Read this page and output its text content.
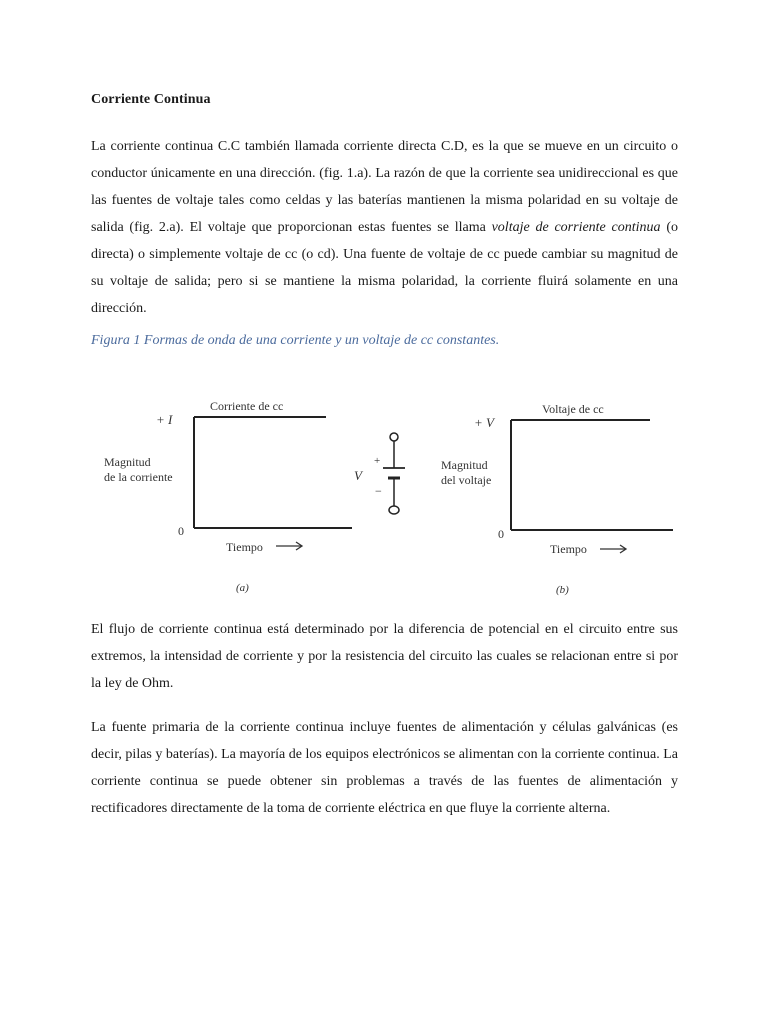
Corriente Continua

La corriente continua C.C también llamada corriente directa C.D, es la que se mueve en un circuito o conductor únicamente en una dirección. (fig. 1.a). La razón de que la corriente sea unidireccional es que las fuentes de voltaje tales como celdas y las baterías mantienen la misma polaridad en su voltaje de salida (fig. 2.a). El voltaje que proporcionan estas fuentes se llama voltaje de corriente continua (o directa) o simplemente voltaje de cc (o cd). Una fuente de voltaje de cc puede cambiar su magnitud de su voltaje de salida; pero si se mantiene la misma polaridad, la corriente fluirá solamente en una dirección.

Figura 1 Formas de onda de una corriente y un voltaje de cc constantes.

Corriente de cc
+ I
Magnitud
de la corriente
0
Tiempo
(a)
+
−
V
Voltaje de cc
+ V
Magnitud
del voltaje
0
Tiempo
(b)

El flujo de corriente continua está determinado por la diferencia de potencial en el circuito entre sus extremos, la intensidad de corriente y por la resistencia del circuito las cuales se relacionan entre si por la ley de Ohm.

La fuente primaria de la corriente continua incluye fuentes de alimentación y células galvánicas (es decir, pilas y baterías). La mayoría de los equipos electrónicos se alimentan con la corriente continua. La corriente continua se puede obtener sin problemas a través de las fuentes de alimentación y rectificadores directamente de la toma de corriente eléctrica en que fluye la corriente alterna.
